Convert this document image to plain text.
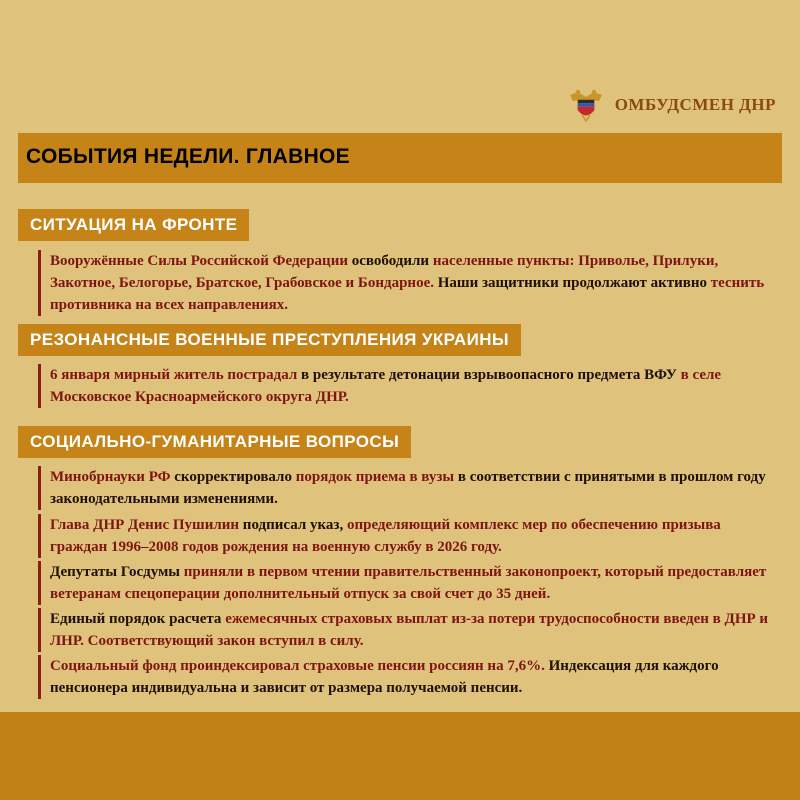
ОМБУДСМЕН ДНР
СОБЫТИЯ НЕДЕЛИ. ГЛАВНОЕ
СИТУАЦИЯ НА ФРОНТЕ
Вооружённые Силы Российской Федерации освободили населенные пункты: Приволье, Прилуки, Закотное, Белогорье, Братское, Грабовское и Бондарное. Наши защитники продолжают активно теснить противника на всех направлениях.
РЕЗОНАНСНЫЕ ВОЕННЫЕ ПРЕСТУПЛЕНИЯ УКРАИНЫ
6 января мирный житель пострадал в результате детонации взрывоопасного предмета ВФУ в селе Московское Красноармейского округа ДНР.
СОЦИАЛЬНО-ГУМАНИТАРНЫЕ ВОПРОСЫ
Минобрнауки РФ скорректировало порядок приема в вузы в соответствии с принятыми в прошлом году законодательными изменениями.
Глава ДНР Денис Пушилин подписал указ, определяющий комплекс мер по обеспечению призыва граждан 1996–2008 годов рождения на военную службу в 2026 году.
Депутаты Госдумы приняли в первом чтении правительственный законопроект, который предоставляет ветеранам спецоперации дополнительный отпуск за свой счет до 35 дней.
Единый порядок расчета ежемесячных страховых выплат из-за потери трудоспособности введен в ДНР и ЛНР. Соответствующий закон вступил в силу.
Социальный фонд проиндексировал страховые пенсии россиян на 7,6%. Индексация для каждого пенсионера индивидуальна и зависит от размера получаемой пенсии.
